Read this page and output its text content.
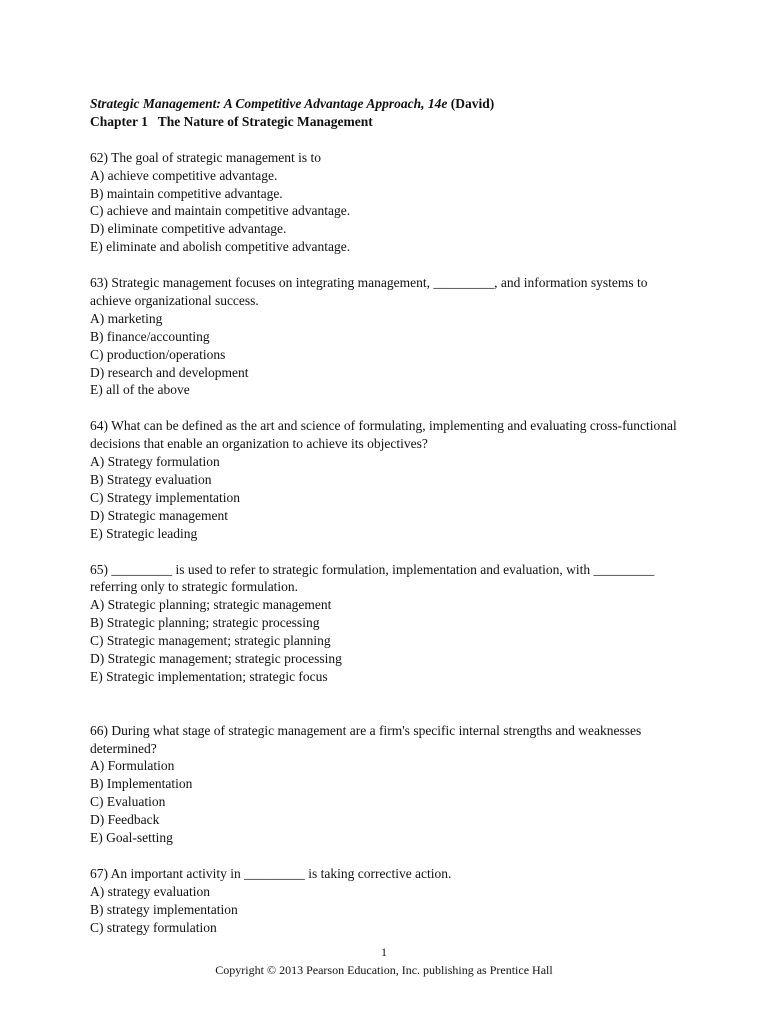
Strategic Management: A Competitive Advantage Approach, 14e (David)
Chapter 1   The Nature of Strategic Management
62) The goal of strategic management is to
A) achieve competitive advantage.
B) maintain competitive advantage.
C) achieve and maintain competitive advantage.
D) eliminate competitive advantage.
E) eliminate and abolish competitive advantage.
63) Strategic management focuses on integrating management, _________, and information systems to achieve organizational success.
A) marketing
B) finance/accounting
C) production/operations
D) research and development
E) all of the above
64) What can be defined as the art and science of formulating, implementing and evaluating cross-functional decisions that enable an organization to achieve its objectives?
A) Strategy formulation
B) Strategy evaluation
C) Strategy implementation
D) Strategic management
E) Strategic leading
65) _________ is used to refer to strategic formulation, implementation and evaluation, with _________ referring only to strategic formulation.
A) Strategic planning; strategic management
B) Strategic planning; strategic processing
C) Strategic management; strategic planning
D) Strategic management; strategic processing
E) Strategic implementation; strategic focus
66) During what stage of strategic management are a firm's specific internal strengths and weaknesses determined?
A) Formulation
B) Implementation
C) Evaluation
D) Feedback
E) Goal-setting
67) An important activity in _________ is taking corrective action.
A) strategy evaluation
B) strategy implementation
C) strategy formulation
1
Copyright © 2013 Pearson Education, Inc. publishing as Prentice Hall
